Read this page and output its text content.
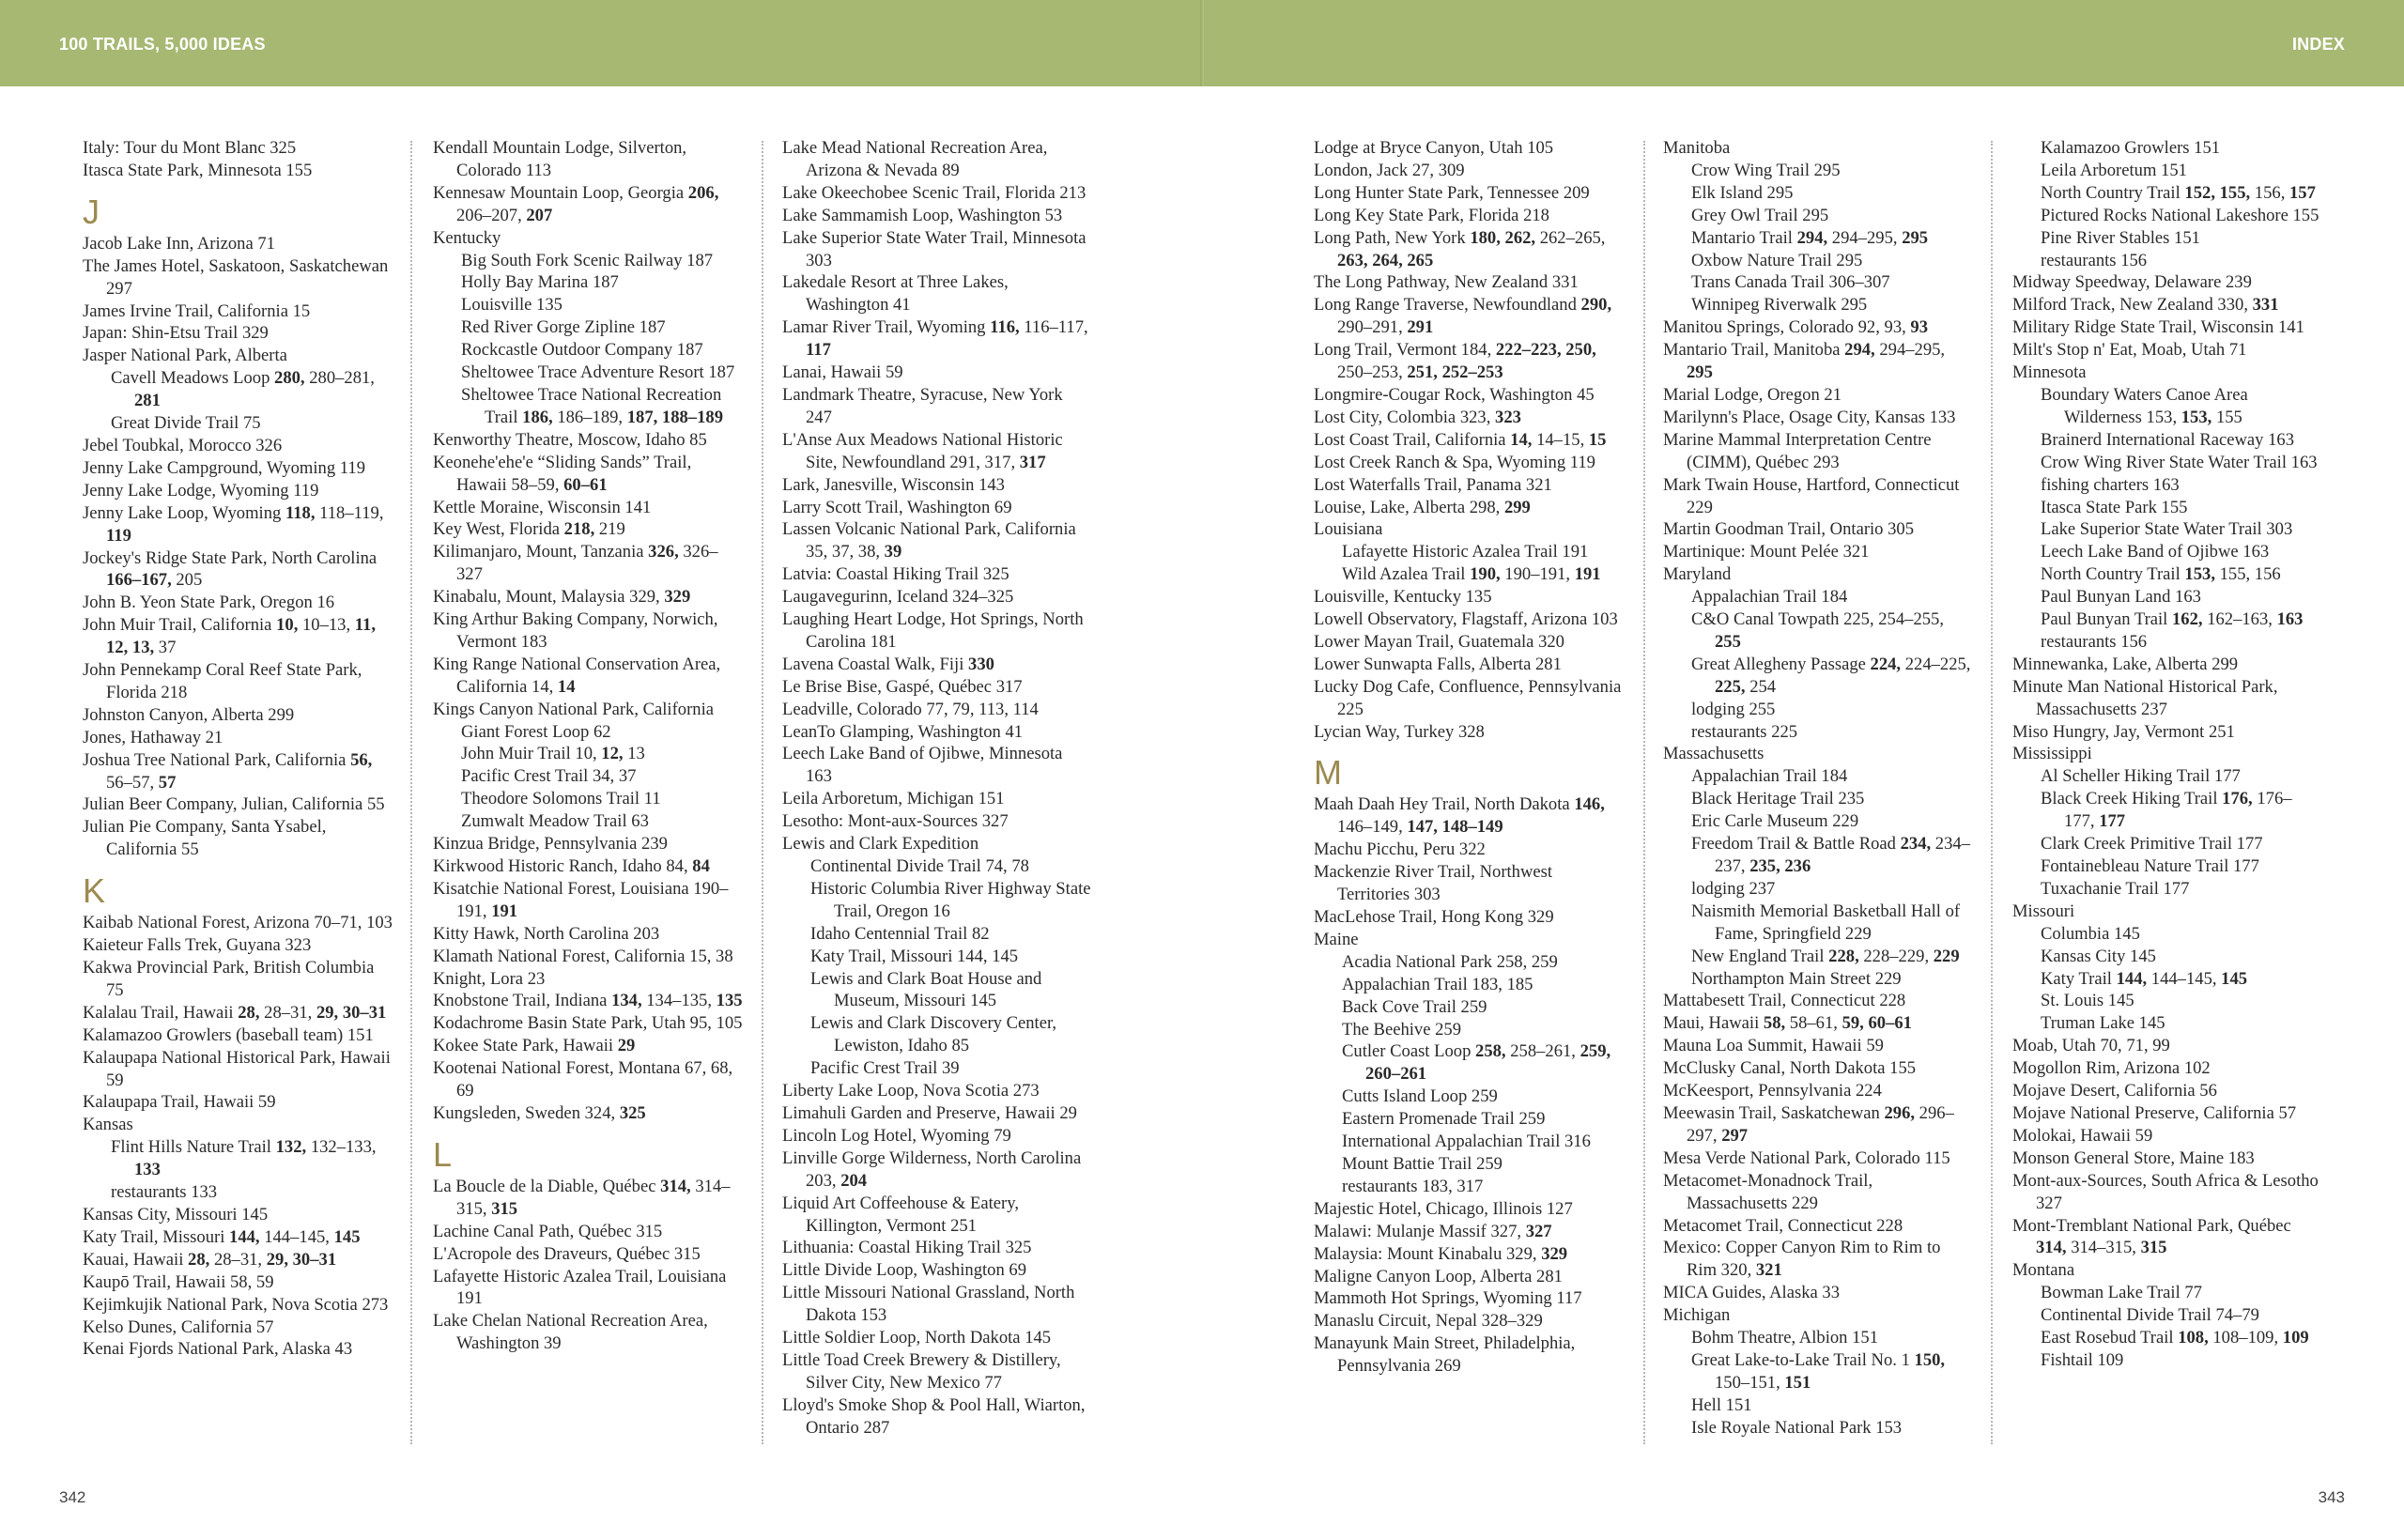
100 TRAILS, 5,000 IDEAS	INDEX
Italy: Tour du Mont Blanc 325
Itasca State Park, Minnesota 155
J
Jacob Lake Inn, Arizona 71
The James Hotel, Saskatoon, Saskatchewan 297
James Irvine Trail, California 15
Japan: Shin-Etsu Trail 329
Jasper National Park, Alberta
Cavell Meadows Loop 280, 280–281, 281
Great Divide Trail 75
Jebel Toubkal, Morocco 326
Jenny Lake Campground, Wyoming 119
Jenny Lake Lodge, Wyoming 119
Jenny Lake Loop, Wyoming 118, 118–119, 119
Jockey's Ridge State Park, North Carolina 166–167, 205
John B. Yeon State Park, Oregon 16
John Muir Trail, California 10, 10–13, 11, 12, 13, 37
John Pennekamp Coral Reef State Park, Florida 218
Johnston Canyon, Alberta 299
Jones, Hathaway 21
Joshua Tree National Park, California 56, 56–57, 57
Julian Beer Company, Julian, California 55
Julian Pie Company, Santa Ysabel, California 55
K
Kaibab National Forest, Arizona 70–71, 103
Kaieteur Falls Trek, Guyana 323
Kakwa Provincial Park, British Columbia 75
Kalalau Trail, Hawaii 28, 28–31, 29, 30–31
Kalamazoo Growlers (baseball team) 151
Kalaupapa National Historical Park, Hawaii 59
Kalaupapa Trail, Hawaii 59
Kansas
Flint Hills Nature Trail 132, 132–133, 133
restaurants 133
Kansas City, Missouri 145
Katy Trail, Missouri 144, 144–145, 145
Kauai, Hawaii 28, 28–31, 29, 30–31
Kaupō Trail, Hawaii 58, 59
Kejimkujik National Park, Nova Scotia 273
Kelso Dunes, California 57
Kenai Fjords National Park, Alaska 43
Kendall Mountain Lodge, Silverton, Colorado 113
Kennesaw Mountain Loop, Georgia 206, 206–207, 207
Kentucky
Big South Fork Scenic Railway 187
Holly Bay Marina 187
Louisville 135
Red River Gorge Zipline 187
Rockcastle Outdoor Company 187
Sheltowee Trace Adventure Resort 187
Sheltowee Trace National Recreation Trail 186, 186–189, 187, 188–189
Kenworthy Theatre, Moscow, Idaho 85
Keonehe'ehe'e “Sliding Sands” Trail, Hawaii 58–59, 60–61
Kettle Moraine, Wisconsin 141
Key West, Florida 218, 219
Kilimanjaro, Mount, Tanzania 326, 326–327
Kinabalu, Mount, Malaysia 329, 329
King Arthur Baking Company, Norwich, Vermont 183
King Range National Conservation Area, California 14, 14
Kings Canyon National Park, California
Giant Forest Loop 62
John Muir Trail 10, 12, 13
Pacific Crest Trail 34, 37
Theodore Solomons Trail 11
Zumwalt Meadow Trail 63
Kinzua Bridge, Pennsylvania 239
Kirkwood Historic Ranch, Idaho 84, 84
Kisatchie National Forest, Louisiana 190–191, 191
Kitty Hawk, North Carolina 203
Klamath National Forest, California 15, 38
Knight, Lora 23
Knobstone Trail, Indiana 134, 134–135, 135
Kodachrome Basin State Park, Utah 95, 105
Kokee State Park, Hawaii 29
Kootenai National Forest, Montana 67, 68, 69
Kungsleden, Sweden 324, 325
L
La Boucle de la Diable, Québec 314, 314–315, 315
Lachine Canal Path, Québec 315
L'Acropole des Draveurs, Québec 315
Lafayette Historic Azalea Trail, Louisiana 191
Lake Chelan National Recreation Area, Washington 39
Lake Mead National Recreation Area, Arizona & Nevada 89
Lake Okeechobee Scenic Trail, Florida 213
Lake Sammamish Loop, Washington 53
Lake Superior State Water Trail, Minnesota 303
Lakedale Resort at Three Lakes, Washington 41
Lamar River Trail, Wyoming 116, 116–117, 117
Lanai, Hawaii 59
Landmark Theatre, Syracuse, New York 247
L'Anse Aux Meadows National Historic Site, Newfoundland 291, 317, 317
Lark, Janesville, Wisconsin 143
Larry Scott Trail, Washington 69
Lassen Volcanic National Park, California 35, 37, 38, 39
Latvia: Coastal Hiking Trail 325
Laugavegurinn, Iceland 324–325
Laughing Heart Lodge, Hot Springs, North Carolina 181
Lavena Coastal Walk, Fiji 330
Le Brise Bise, Gaspé, Québec 317
Leadville, Colorado 77, 79, 113, 114
LeanTo Glamping, Washington 41
Leech Lake Band of Ojibwe, Minnesota 163
Leila Arboretum, Michigan 151
Lesotho: Mont-aux-Sources 327
Lewis and Clark Expedition
Continental Divide Trail 74, 78
Historic Columbia River Highway State Trail, Oregon 16
Idaho Centennial Trail 82
Katy Trail, Missouri 144, 145
Lewis and Clark Boat House and Museum, Missouri 145
Lewis and Clark Discovery Center, Lewiston, Idaho 85
Pacific Crest Trail 39
Liberty Lake Loop, Nova Scotia 273
Limahuli Garden and Preserve, Hawaii 29
Lincoln Log Hotel, Wyoming 79
Linville Gorge Wilderness, North Carolina 203, 204
Liquid Art Coffeehouse & Eatery, Killington, Vermont 251
Lithuania: Coastal Hiking Trail 325
Little Divide Loop, Washington 69
Little Missouri National Grassland, North Dakota 153
Little Soldier Loop, North Dakota 145
Little Toad Creek Brewery & Distillery, Silver City, New Mexico 77
Lloyd's Smoke Shop & Pool Hall, Wiarton, Ontario 287
Lodge at Bryce Canyon, Utah 105
London, Jack 27, 309
Long Hunter State Park, Tennessee 209
Long Key State Park, Florida 218
Long Path, New York 180, 262, 262–265, 263, 264, 265
The Long Pathway, New Zealand 331
Long Range Traverse, Newfoundland 290, 290–291, 291
Long Trail, Vermont 184, 222–223, 250, 250–253, 251, 252–253
Longmire-Cougar Rock, Washington 45
Lost City, Colombia 323, 323
Lost Coast Trail, California 14, 14–15, 15
Lost Creek Ranch & Spa, Wyoming 119
Lost Waterfalls Trail, Panama 321
Louise, Lake, Alberta 298, 299
Louisiana
Lafayette Historic Azalea Trail 191
Wild Azalea Trail 190, 190–191, 191
Louisville, Kentucky 135
Lowell Observatory, Flagstaff, Arizona 103
Lower Mayan Trail, Guatemala 320
Lower Sunwapta Falls, Alberta 281
Lucky Dog Cafe, Confluence, Pennsylvania 225
Lycian Way, Turkey 328
M
Maah Daah Hey Trail, North Dakota 146, 146–149, 147, 148–149
Machu Picchu, Peru 322
Mackenzie River Trail, Northwest Territories 303
MacLehose Trail, Hong Kong 329
Maine
Acadia National Park 258, 259
Appalachian Trail 183, 185
Back Cove Trail 259
The Beehive 259
Cutler Coast Loop 258, 258–261, 259, 260–261
Cutts Island Loop 259
Eastern Promenade Trail 259
International Appalachian Trail 316
Mount Battie Trail 259
restaurants 183, 317
Majestic Hotel, Chicago, Illinois 127
Malawi: Mulanje Massif 327, 327
Malaysia: Mount Kinabalu 329, 329
Maligne Canyon Loop, Alberta 281
Mammoth Hot Springs, Wyoming 117
Manaslu Circuit, Nepal 328–329
Manayunk Main Street, Philadelphia, Pennsylvania 269
Manitoba
Crow Wing Trail 295
Elk Island 295
Grey Owl Trail 295
Mantario Trail 294, 294–295, 295
Oxbow Nature Trail 295
Trans Canada Trail 306–307
Winnipeg Riverwalk 295
Manitou Springs, Colorado 92, 93, 93
Mantario Trail, Manitoba 294, 294–295, 295
Marial Lodge, Oregon 21
Marilynn's Place, Osage City, Kansas 133
Marine Mammal Interpretation Centre (CIMM), Québec 293
Mark Twain House, Hartford, Connecticut 229
Martin Goodman Trail, Ontario 305
Martinique: Mount Pelée 321
Maryland
Appalachian Trail 184
C&O Canal Towpath 225, 254–255, 255
Great Allegheny Passage 224, 224–225, 225, 254
lodging 255
restaurants 225
Massachusetts
Appalachian Trail 184
Black Heritage Trail 235
Eric Carle Museum 229
Freedom Trail & Battle Road 234, 234–237, 235, 236
lodging 237
Naismith Memorial Basketball Hall of Fame, Springfield 229
New England Trail 228, 228–229, 229
Northampton Main Street 229
Mattabesett Trail, Connecticut 228
Maui, Hawaii 58, 58–61, 59, 60–61
Mauna Loa Summit, Hawaii 59
McClusky Canal, North Dakota 155
McKeesport, Pennsylvania 224
Meewasin Trail, Saskatchewan 296, 296–297, 297
Mesa Verde National Park, Colorado 115
Metacomet-Monadnock Trail, Massachusetts 229
Metacomet Trail, Connecticut 228
Mexico: Copper Canyon Rim to Rim to Rim 320, 321
MICA Guides, Alaska 33
Michigan
Bohm Theatre, Albion 151
Great Lake-to-Lake Trail No. 1 150, 150–151, 151
Hell 151
Isle Royale National Park 153
Kalamazoo Growlers 151
Leila Arboretum 151
North Country Trail 152, 155, 156, 157
Pictured Rocks National Lakeshore 155
Pine River Stables 151
restaurants 156
Midway Speedway, Delaware 239
Milford Track, New Zealand 330, 331
Military Ridge State Trail, Wisconsin 141
Milt's Stop n' Eat, Moab, Utah 71
Minnesota
Boundary Waters Canoe Area Wilderness 153, 153, 155
Brainerd International Raceway 163
Crow Wing River State Water Trail 163
fishing charters 163
Itasca State Park 155
Lake Superior State Water Trail 303
Leech Lake Band of Ojibwe 163
North Country Trail 153, 155, 156
Paul Bunyan Land 163
Paul Bunyan Trail 162, 162–163, 163
restaurants 156
Minnewanka, Lake, Alberta 299
Minute Man National Historical Park, Massachusetts 237
Miso Hungry, Jay, Vermont 251
Mississippi
Al Scheller Hiking Trail 177
Black Creek Hiking Trail 176, 176–177, 177
Clark Creek Primitive Trail 177
Fontainebleau Nature Trail 177
Tuxachanie Trail 177
Missouri
Columbia 145
Kansas City 145
Katy Trail 144, 144–145, 145
St. Louis 145
Truman Lake 145
Moab, Utah 70, 71, 99
Mogollon Rim, Arizona 102
Mojave Desert, California 56
Mojave National Preserve, California 57
Molokai, Hawaii 59
Monson General Store, Maine 183
Mont-aux-Sources, South Africa & Lesotho 327
Mont-Tremblant National Park, Québec 314, 314–315, 315
Montana
Bowman Lake Trail 77
Continental Divide Trail 74–79
East Rosebud Trail 108, 108–109, 109
Fishtail 109
342	343
